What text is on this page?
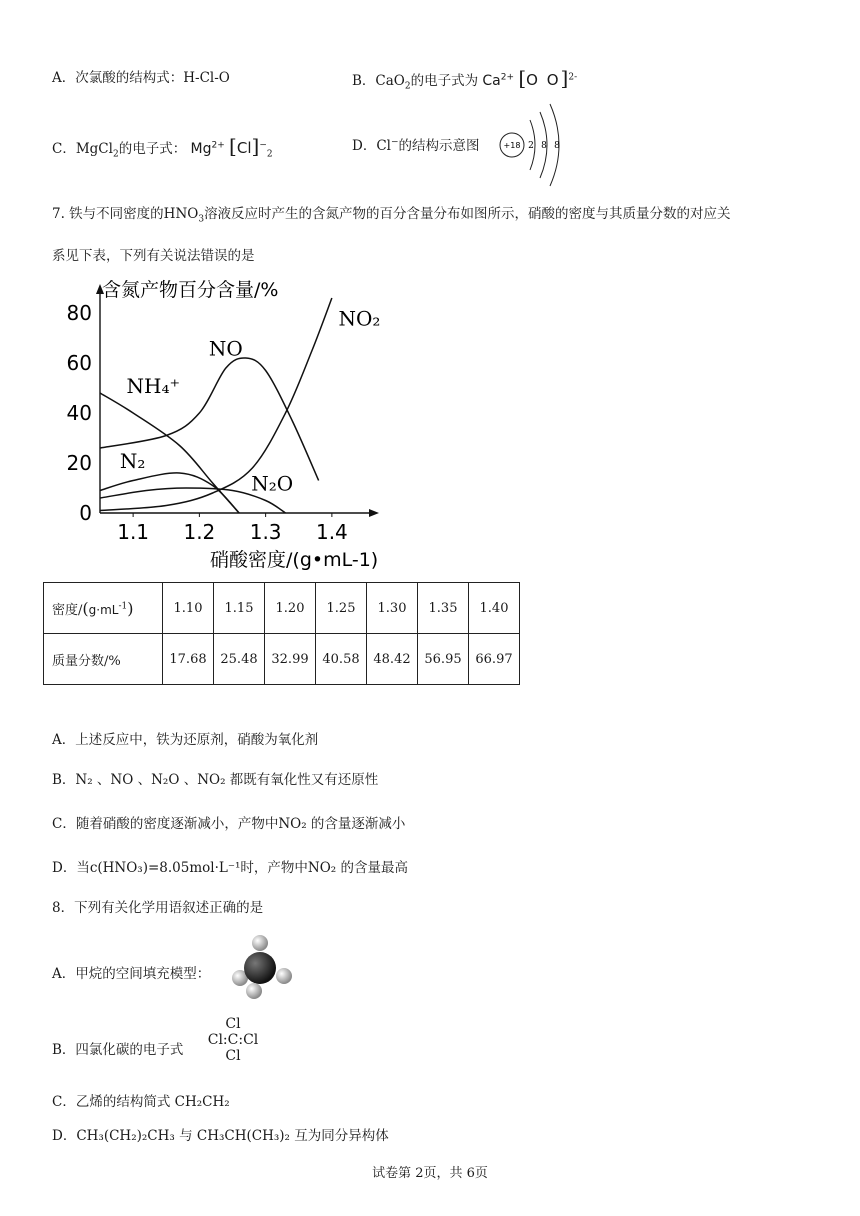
A．次氯酸的结构式：H-Cl-O	B．CaO$_2$的电子式为 $Ca^{2+}$ [O O]$^{2-}$
C．MgCl$_2$的电子式： $Mg^{2+}$ $[Cl]^-_2$
D．Cl−的结构示意图	+18 2 8 8
7. 铁与不同密度的$HNO_3$溶液反应时产生的含氮产物的百分含量分布如图所示，硝酸的密度与其质量分数的对应关
系见下表，下列有关说法错误的是
含氮产物百分含量/%
硝酸密度/(g•mL-1)
0
20
40
60
80
1.1 1.2 1.3 1.4
NO₂
NO
NH₄⁺
N₂
N₂O
密度$/(g\cdot mL^{-1})$	1.10	1.15	1.20	1.25	1.30	1.35	1.40
质量分数/%	17.68	25.48	32.99	40.58	48.42	56.95	66.97
A．上述反应中，铁为还原剂，硝酸为氧化剂
B．N₂ 、NO 、N₂O 、NO₂ 都既有氧化性又有还原性
C．随着硝酸的密度逐渐减小，产物中NO₂ 的含量逐渐减小
D．当c(HNO₃)=8.05mol·L⁻¹时，产物中NO₂ 的含量最高
8．下列有关化学用语叙述正确的是
A．甲烷的空间填充模型：
B．四氯化碳的电子式
Cl
Cl:C:Cl
Cl
C．乙烯的结构简式 CH₂CH₂
D．CH₃(CH₂)₂CH₃ 与 CH₃CH(CH₃)₂ 互为同分异构体
试卷第 2页，共 6页
